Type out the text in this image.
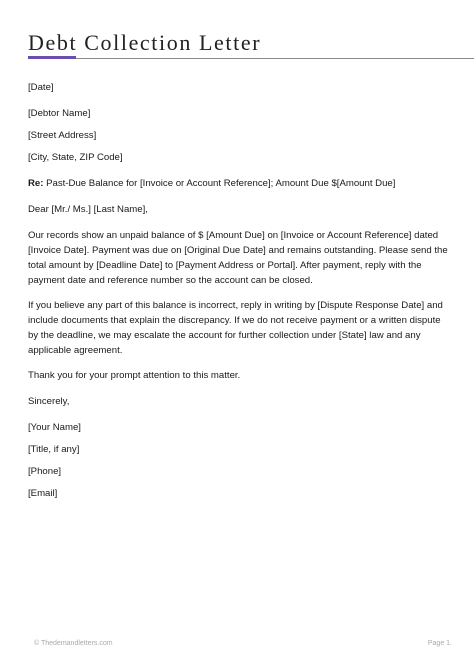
Debt Collection Letter
[Date]
[Debtor Name]
[Street Address]
[City, State, ZIP Code]
Re: Past-Due Balance for [Invoice or Account Reference]; Amount Due $[Amount Due]
Dear [Mr./ Ms.] [Last Name],
Our records show an unpaid balance of $ [Amount Due] on [Invoice or Account Reference] dated
[Invoice Date]. Payment was due on [Original Due Date] and remains outstanding. Please send the
total amount by [Deadline Date] to [Payment Address or Portal]. After payment, reply with the
payment date and reference number so the account can be closed.
If you believe any part of this balance is incorrect, reply in writing by [Dispute Response Date] and
include documents that explain the discrepancy. If we do not receive payment or a written dispute
by the deadline, we may escalate the account for further collection under [State] law and any
applicable agreement.
Thank you for your prompt attention to this matter.
Sincerely,
[Your Name]
[Title, if any]
[Phone]
[Email]
© Thedemandletters.com	Page 1.
